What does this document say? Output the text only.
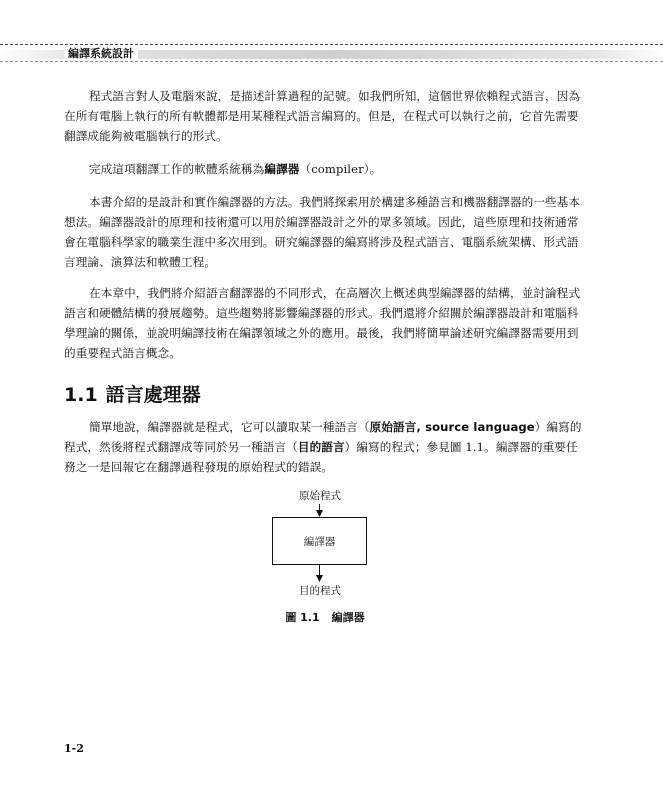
編譯系統設計

程式語言對人及電腦來說，是描述計算過程的記號。如我們所知，這個世界依賴程式語言，因為在所有電腦上執行的所有軟體都是用某種程式語言編寫的。但是，在程式可以執行之前，它首先需要翻譯成能夠被電腦執行的形式。

完成這項翻譯工作的軟體系統稱為編譯器（compiler）。

本書介紹的是設計和實作編譯器的方法。我們將探索用於構建多種語言和機器翻譯器的一些基本想法。編譯器設計的原理和技術還可以用於編譯器設計之外的眾多領域。因此，這些原理和技術通常會在電腦科學家的職業生涯中多次用到。研究編譯器的編寫將涉及程式語言、電腦系統架構、形式語言理論、演算法和軟體工程。

在本章中，我們將介紹語言翻譯器的不同形式，在高層次上概述典型編譯器的結構，並討論程式語言和硬體結構的發展趨勢。這些趨勢將影響編譯器的形式。我們還將介紹關於編譯器設計和電腦科學理論的關係，並說明編譯技術在編譯領域之外的應用。最後，我們將簡單論述研究編譯器需要用到的重要程式語言概念。

1.1 語言處理器

簡單地說，編譯器就是程式，它可以讀取某一種語言（原始語言, source language）編寫的程式，然後將程式翻譯成等同於另一種語言（目的語言）編寫的程式；參見圖 1.1。編譯器的重要任務之一是回報它在翻譯過程發現的原始程式的錯誤。

原始程式
編譯器
目的程式
圖 1.1 編譯器
1-2
